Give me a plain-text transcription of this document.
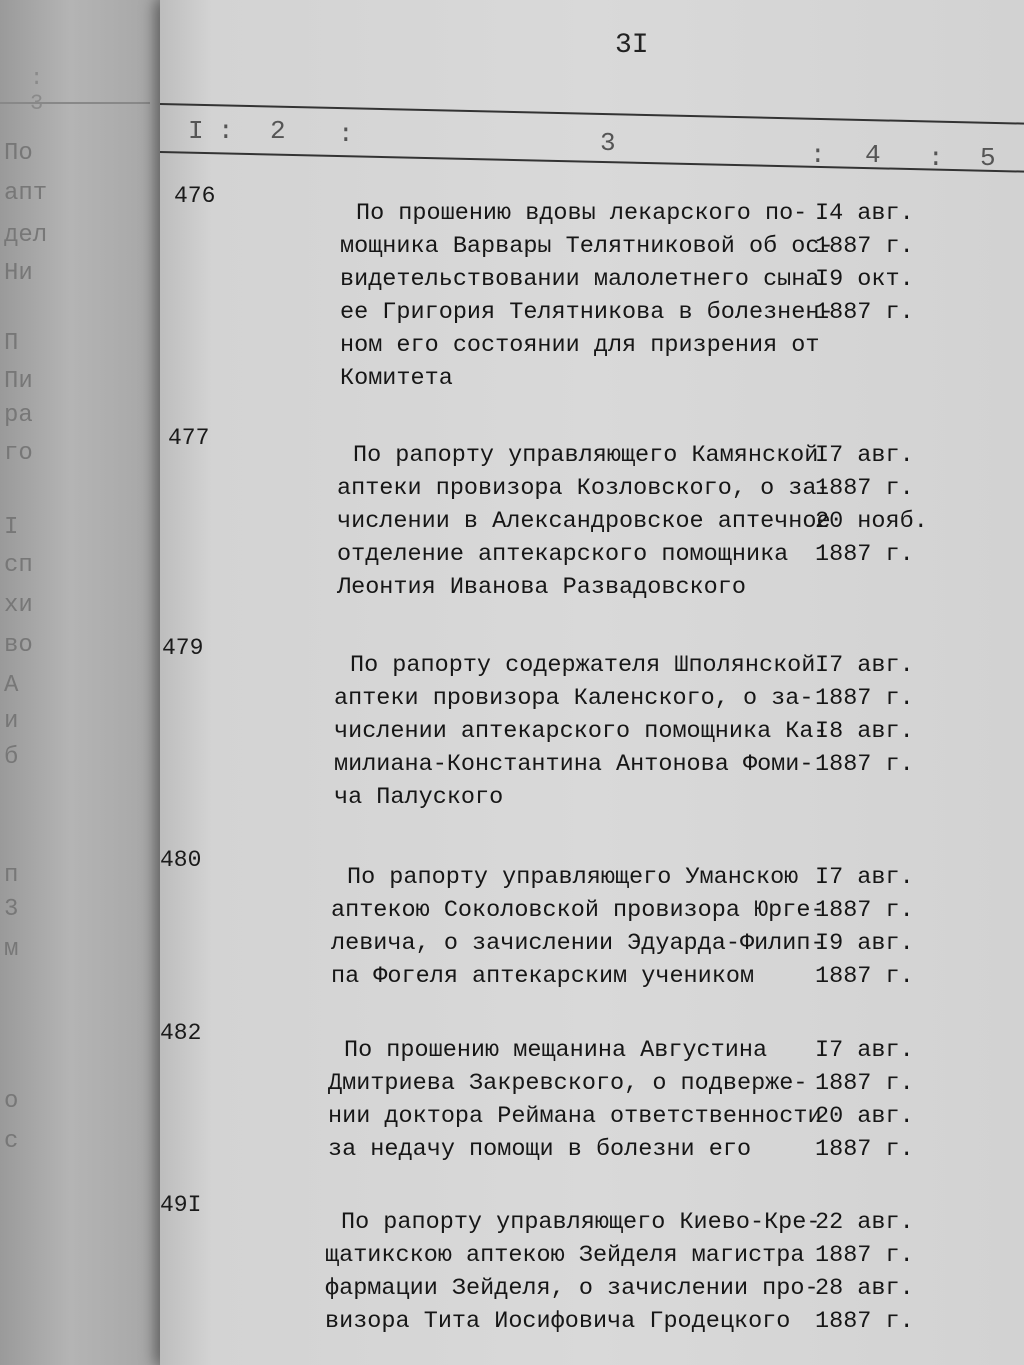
: 3
По
апт
дел
Ни
П
Пи
ра
го
I
сп
хи
во
А
и
б
п
3
м
о
с
3I
I : 2 :	3	: 4 : 5
476
По прошению вдовы лекарского по-
мощника Варвары Телятниковой об ос-
видетельствовании малолетнего сына
ее Григория Телятникова в болезнен-
ном его состоянии для призрения от
Комитета
I4 авг.
1887 г.
I9 окт.
1887 г.
477
По рапорту управляющего Камянской
аптеки провизора Козловского, о за-
числении в Александровское аптечное
отделение аптекарского помощника
Леонтия Иванова Развадовского
I7 авг.
1887 г.
20 нояб.
1887 г.
479
По рапорту содержателя Шполянской
аптеки провизора Каленского, о за-
числении аптекарского помощника Ка-
милиана-Константина Антонова Фоми-
ча Палуского
I7 авг.
1887 г.
I8 авг.
1887 г.
480
По рапорту управляющего Уманскою
аптекою Соколовской провизора Юрге-
левича, о зачислении Эдуарда-Филип-
па Фогеля аптекарским учеником
I7 авг.
1887 г.
I9 авг.
1887 г.
482
По прошению мещанина Августина
Дмитриева Закревского, о подверже-
нии доктора Реймана ответственности
за недачу помощи в болезни его
I7 авг.
1887 г.
20 авг.
1887 г.
49I
По рапорту управляющего Киево-Кре-
щатикскою аптекою Зейделя магистра
фармации Зейделя, о зачислении про-
визора Тита Иосифовича Гродецкого
22 авг.
1887 г.
28 авг.
1887 г.
